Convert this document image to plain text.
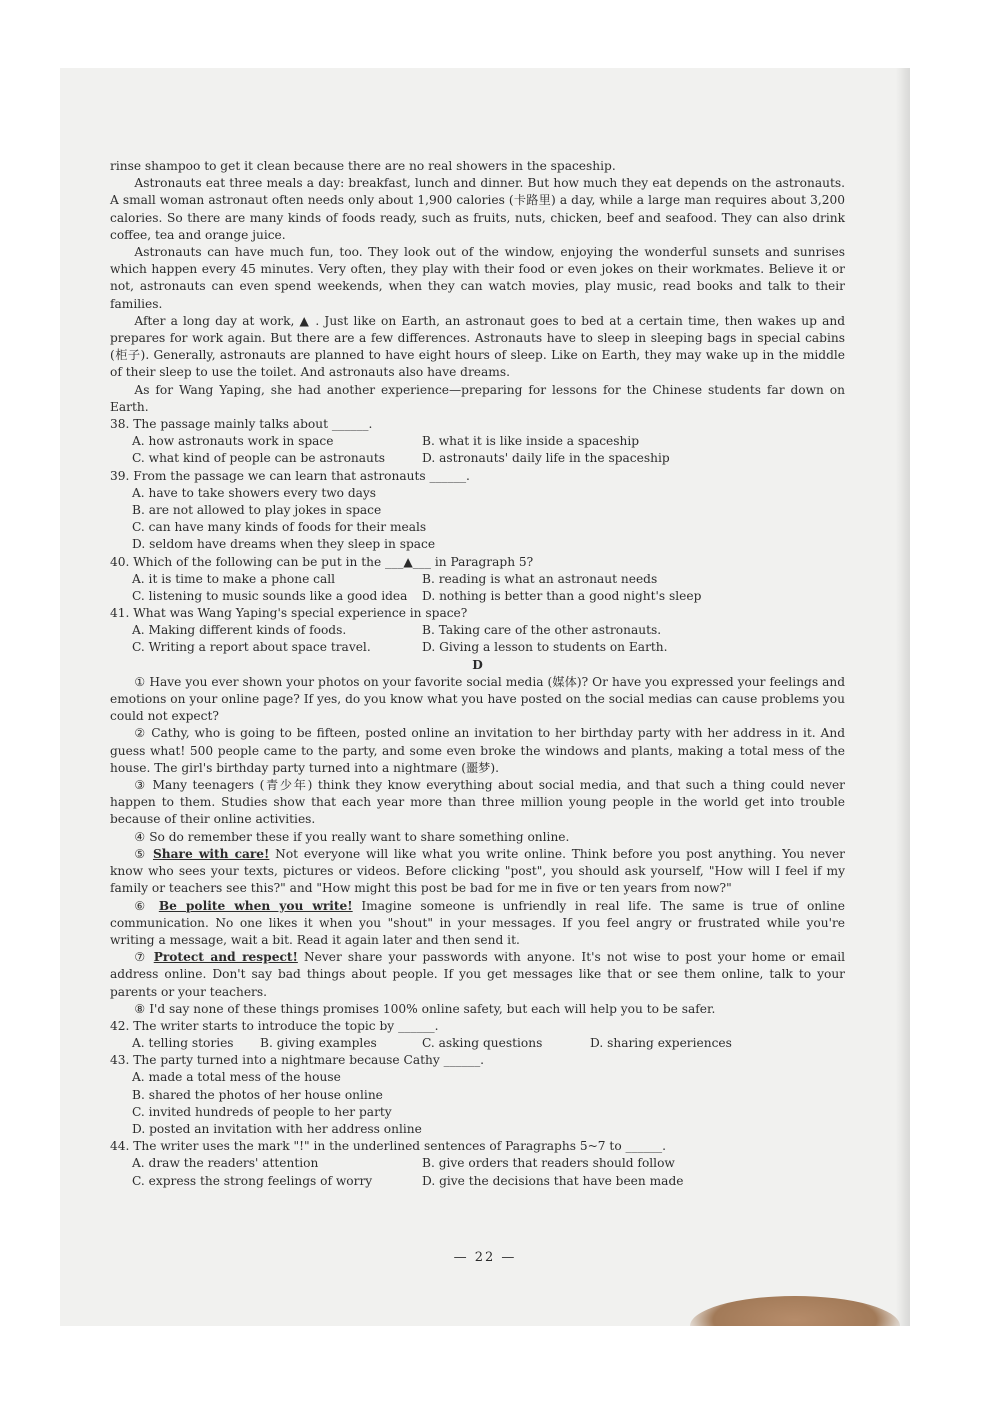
rinse shampoo to get it clean because there are no real showers in the spaceship.

Astronauts eat three meals a day: breakfast, lunch and dinner. But how much they eat depends on the astronauts. A small woman astronaut often needs only about 1,900 calories (卡路里) a day, while a large man requires about 3,200 calories. So there are many kinds of foods ready, such as fruits, nuts, chicken, beef and seafood. They can also drink coffee, tea and orange juice.

Astronauts can have much fun, too. They look out of the window, enjoying the wonderful sunsets and sunrises which happen every 45 minutes. Very often, they play with their food or even jokes on their workmates. Believe it or not, astronauts can even spend weekends, when they can watch movies, play music, read books and talk to their families.

After a long day at work, ▲ . Just like on Earth, an astronaut goes to bed at a certain time, then wakes up and prepares for work again. But there are a few differences. Astronauts have to sleep in sleeping bags in special cabins (柜子). Generally, astronauts are planned to have eight hours of sleep. Like on Earth, they may wake up in the middle of their sleep to use the toilet. And astronauts also have dreams.

As for Wang Yaping, she had another experience—preparing for lessons for the Chinese students far down on Earth.

38. The passage mainly talks about ______.
A. how astronauts work in space	B. what it is like inside a spaceship
C. what kind of people can be astronauts	D. astronauts' daily life in the spaceship
39. From the passage we can learn that astronauts ______.
A. have to take showers every two days
B. are not allowed to play jokes in space
C. can have many kinds of foods for their meals
D. seldom have dreams when they sleep in space
40. Which of the following can be put in the ___▲___ in Paragraph 5?
A. it is time to make a phone call	B. reading is what an astronaut needs
C. listening to music sounds like a good idea D. nothing is better than a good night's sleep
41. What was Wang Yaping's special experience in space?
A. Making different kinds of foods.	B. Taking care of the other astronauts.
C. Writing a report about space travel.	D. Giving a lesson to students on Earth.
D

① Have you ever shown your photos on your favorite social media (媒体)? Or have you expressed your feelings and emotions on your online page? If yes, do you know what you have posted on the social medias can cause problems you could not expect?

② Cathy, who is going to be fifteen, posted online an invitation to her birthday party with her address in it. And guess what! 500 people came to the party, and some even broke the windows and plants, making a total mess of the house. The girl's birthday party turned into a nightmare (噩梦).

③ Many teenagers (青少年) think they know everything about social media, and that such a thing could never happen to them. Studies show that each year more than three million young people in the world get into trouble because of their online activities.

④ So do remember these if you really want to share something online.

⑤ Share with care! Not everyone will like what you write online. Think before you post anything. You never know who sees your texts, pictures or videos. Before clicking "post", you should ask yourself, "How will I feel if my family or teachers see this?" and "How might this post be bad for me in five or ten years from now?"

⑥ Be polite when you write! Imagine someone is unfriendly in real life. The same is true of online communication. No one likes it when you "shout" in your messages. If you feel angry or frustrated while you're writing a message, wait a bit. Read it again later and then send it.

⑦ Protect and respect! Never share your passwords with anyone. It's not wise to post your home or email address online. Don't say bad things about people. If you get messages like that or see them online, talk to your parents or your teachers.

⑧ I'd say none of these things promises 100% online safety, but each will help you to be safer.

42. The writer starts to introduce the topic by ______.
A. telling stories B. giving examples	C. asking questions	D. sharing experiences
43. The party turned into a nightmare because Cathy ______.
A. made a total mess of the house
B. shared the photos of her house online
C. invited hundreds of people to her party
D. posted an invitation with her address online
44. The writer uses the mark "!" in the underlined sentences of Paragraphs 5~7 to ______.
A. draw the readers' attention	B. give orders that readers should follow
C. express the strong feelings of worry	D. give the decisions that have been made
— 22 —
